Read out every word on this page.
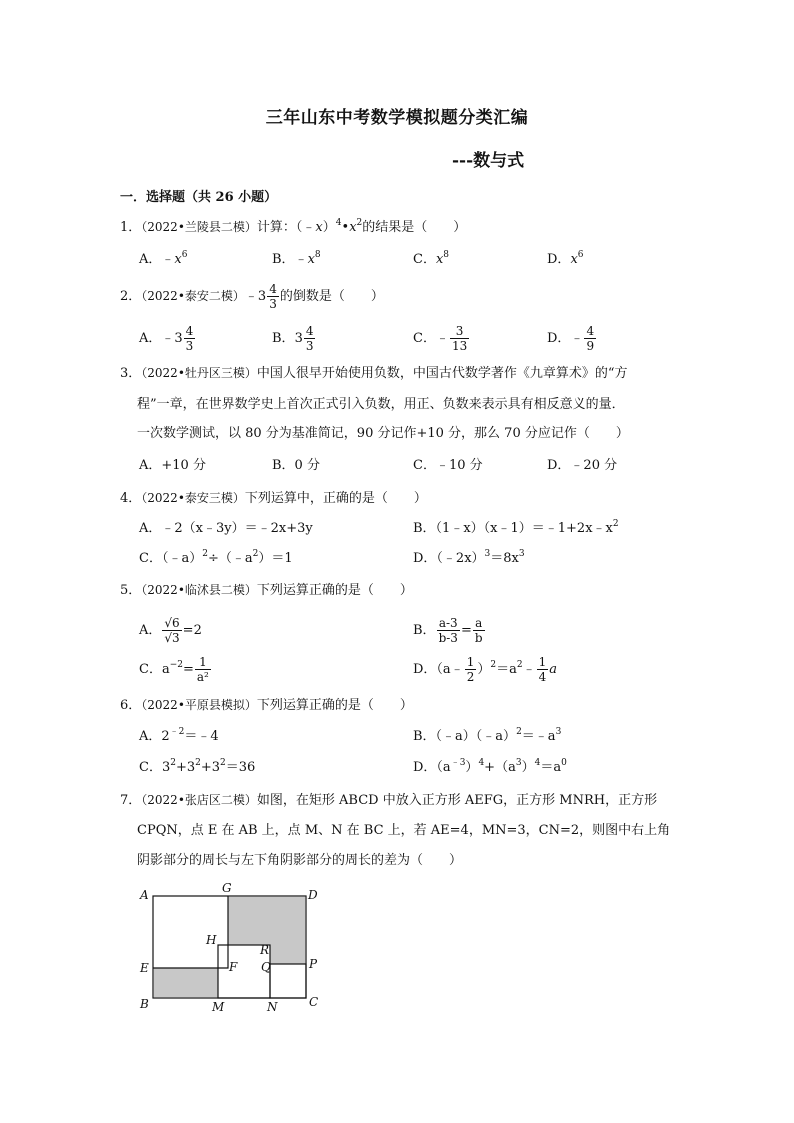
三年山东中考数学模拟题分类汇编
---数与式
一．选择题（共 26 小题）
1．（2022•兰陵县二模）计算：$(﹣x)^4•x^2$的结果是（　　）
A．$﹣x^6$	B．$﹣x^8$	C．$x^8$	D．$x^6$
2．（2022•泰安二模）﹣3 $\frac{4}{3}$ 的倒数是（　　）
A．﹣3 $\frac{4}{3}$	B．$3 \frac{4}{3}$	C．﹣ $\frac{3}{13}$	D．﹣ $\frac{4}{9}$
3．（2022•牡丹区三模）中国人很早开始使用负数，中国古代数学著作《九章算术》的“方
程”一章，在世界数学史上首次正式引入负数，用正、负数来表示具有相反意义的量．
一次数学测试，以 80 分为基准简记，90 分记作+10 分，那么 70 分应记作（　　）
A．+10 分	B．0 分	C．﹣10 分	D．﹣20 分
4．（2022•泰安三模）下列运算中，正确的是（　　）
A．﹣2（x﹣3y）＝﹣2x+3y	B．$(1﹣x)(x﹣1)=﹣1+2x﹣x^2$
C．$(﹣a)^2\div(﹣a^2)=1$	D．$(﹣2x)^3=8x^3$
5．（2022•临沭县二模）下列运算正确的是（　　）
A． $\frac{√6}{√3} =2$	B． $\frac{a-3}{b-3} = \frac{a}{b}$
C．$a^{-2}= \frac{1}{\text{a²}}$	D．（a﹣ $\frac{1}{2}$ ）$^2=a^2﹣ \frac{1}{4}$ a
6．（2022•平原县模拟）下列运算正确的是（　　）
A．$2^{﹣2}=﹣4$	B．$(﹣a)(﹣a)^2=﹣a^3$
C．$3^2+3^2+3^2=36$	D．$(a^{﹣3})^4+(a^3)^4=a^0$
7．（2022•张店区二模）如图，在矩形 ABCD 中放入正方形 AEFG，正方形 MNRH，正方形
CPQN，点 E 在 AB 上，点 M、N 在 BC 上，若 AE=4，MN=3，CN=2，则图中右上角
阴影部分的周长与左下角阴影部分的周长的差为（　　）
A	G	D
H
R
E	F Q	P
B	M	N	C
